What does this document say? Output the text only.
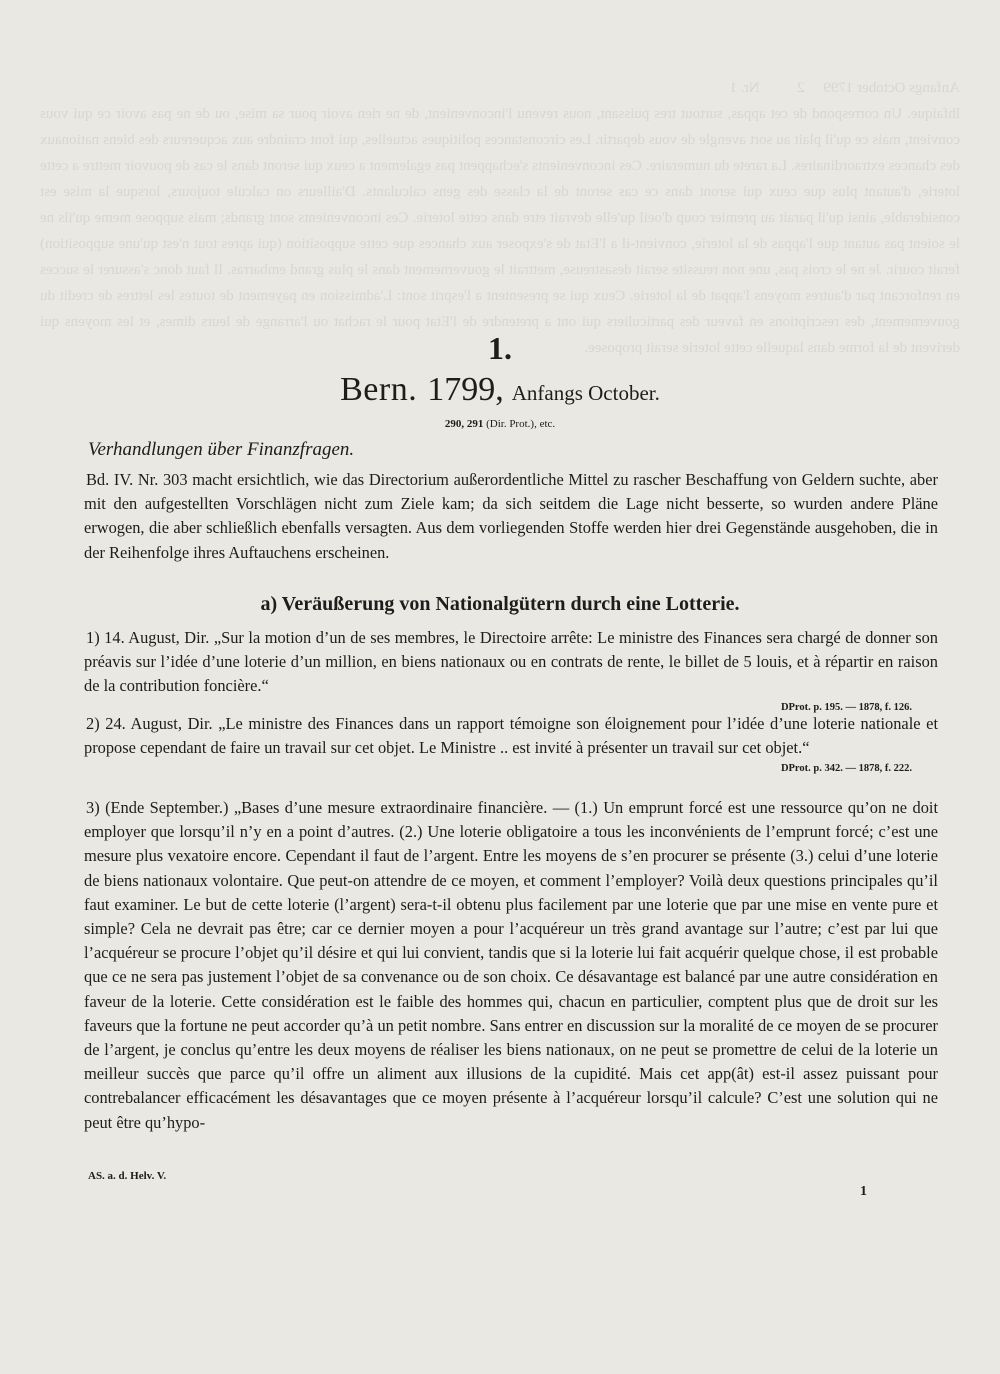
Anfangs October 1799     2          Nr. 1

lhfaique. Un correspond de cet appas, surtout tres puissant, nous revenu l'inconvenient, de ne rien avoir pour sa mise, ou de ne pas avoir ce qui vous convient, mais ce qu'il plait au sort avengle de vous departir. Les circonstances politiques actuelles, qui font craindre aux acquereurs des biens nationaux des chances extraordinaires. La rarete du numeraire. Ces inconvenients s'echappent pas egalement a ceux qui seront dans le cas de pouvoir mettre a cette loterie, d'autant plus que ceux qui seront dans ce cas seront de la classe des gens calculants. D'ailleurs on calcule toujours, lorsque la mise est considerable, ainsi qu'il parait au premier coup d'oeil qu'elle devrait etre dans cette loterie. Ces inconvenients sont grands; mais suppose meme qu'ils ne le soient pas autant que l'appas de la loterie, convient-il a l'Etat de s'exposer aux chances que cette supposition (qui apres tout n'est qu'une supposition) ferait courir. Je ne le crois pas, une non reussite serait desastreuse, mettrait le gouvernement dans le plus grand embarras. Il faut donc s'assurer le succes en renforcant par d'autres moyens l'appat de la loterie. Ceux qui se presentent a l'esprit sont: L'admission en payement de toutes les lettres de credit du gouvernement, des rescriptions en faveur des particuliers qui ont a pretendre de l'Etat pour le rachat ou l'arrange de leurs dimes, et les moyens qui derivent de la forme dans laquelle cette loterie serait proposee.

1.
Bern. 1799, Anfangs October.
290, 291 (Dir. Prot.), etc.
Verhandlungen über Finanzfragen.

Bd. IV. Nr. 303 macht ersichtlich, wie das Directorium außerordentliche Mittel zu rascher Beschaffung von Geldern suchte, aber mit den aufgestellten Vorschlägen nicht zum Ziele kam; da sich seitdem die Lage nicht besserte, so wurden andere Pläne erwogen, die aber schließlich ebenfalls versagten. Aus dem vorliegenden Stoffe werden hier drei Gegenstände ausgehoben, die in der Reihenfolge ihres Auftauchens erscheinen.

a) Veräußerung von Nationalgütern durch eine Lotterie.

1) 14. August, Dir. „Sur la motion d’un de ses membres, le Directoire arrête: Le ministre des Finances sera chargé de donner son préavis sur l’idée d’une loterie d’un million, en biens nationaux ou en contrats de rente, le billet de 5 louis, et à répartir en raison de la contribution foncière.“

DProt. p. 195. — 1878, f. 126.

2) 24. August, Dir. „Le ministre des Finances dans un rapport témoigne son éloignement pour l’idée d’une loterie nationale et propose cependant de faire un travail sur cet objet. Le Ministre .. est invité à présenter un travail sur cet objet.“

DProt. p. 342. — 1878, f. 222.

3) (Ende September.) „Bases d’une mesure extraordinaire financière. — (1.) Un emprunt forcé est une ressource qu’on ne doit employer que lorsqu’il n’y en a point d’autres. (2.) Une loterie obligatoire a tous les inconvénients de l’emprunt forcé; c’est une mesure plus vexatoire encore. Cependant il faut de l’argent. Entre les moyens de s’en procurer se présente (3.) celui d’une loterie de biens nationaux volontaire. Que peut-on attendre de ce moyen, et comment l’employer? Voilà deux questions principales qu’il faut examiner. Le but de cette loterie (l’argent) sera-t-il obtenu plus facilement par une loterie que par une mise en vente pure et simple? Cela ne devrait pas être; car ce dernier moyen a pour l’acquéreur un très grand avantage sur l’autre; c’est par lui que l’acquéreur se procure l’objet qu’il désire et qui lui convient, tandis que si la loterie lui fait acquérir quelque chose, il est probable que ce ne sera pas justement l’objet de sa convenance ou de son choix. Ce désavantage est balancé par une autre considération en faveur de la loterie. Cette considération est le faible des hommes qui, chacun en particulier, comptent plus que de droit sur les faveurs que la fortune ne peut accorder qu’à un petit nombre. Sans entrer en discussion sur la moralité de ce moyen de se procurer de l’argent, je conclus qu’entre les deux moyens de réaliser les biens nationaux, on ne peut se promettre de celui de la loterie un meilleur succès que parce qu’il offre un aliment aux illusions de la cupidité. Mais cet app(ât) est-il assez puissant pour contrebalancer efficacément les désavantages que ce moyen présente à l’acquéreur lorsqu’il calcule? C’est une solution qui ne peut être qu’hypo-

AS. a. d. Helv. V.
1
